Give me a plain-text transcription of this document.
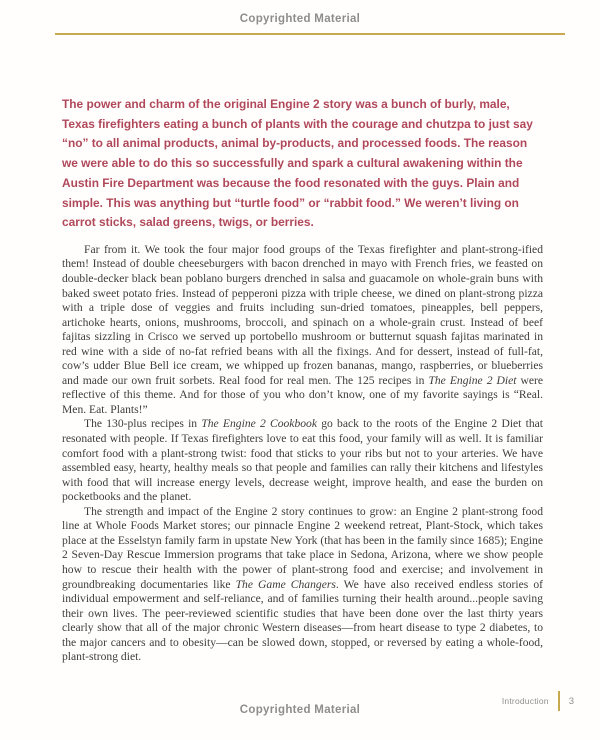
Copyrighted Material

The power and charm of the original Engine 2 story was a bunch of burly, male, Texas firefighters eating a bunch of plants with the courage and chutzpa to just say “no” to all animal products, animal by-products, and processed foods. The reason we were able to do this so successfully and spark a cultural awakening within the Austin Fire Department was because the food resonated with the guys. Plain and simple. This was anything but “turtle food” or “rabbit food.” We weren’t living on carrot sticks, salad greens, twigs, or berries.

Far from it. We took the four major food groups of the Texas firefighter and plant-strong-ified them! Instead of double cheeseburgers with bacon drenched in mayo with French fries, we feasted on double-decker black bean poblano burgers drenched in salsa and guacamole on whole-grain buns with baked sweet potato fries. Instead of pepperoni pizza with triple cheese, we dined on plant-strong pizza with a triple dose of veggies and fruits including sun-dried tomatoes, pineapples, bell peppers, artichoke hearts, onions, mushrooms, broccoli, and spinach on a whole-grain crust. Instead of beef fajitas sizzling in Crisco we served up portobello mushroom or butternut squash fajitas marinated in red wine with a side of no-fat refried beans with all the fixings. And for dessert, instead of full-fat, cow’s udder Blue Bell ice cream, we whipped up frozen bananas, mango, raspberries, or blueberries and made our own fruit sorbets. Real food for real men. The 125 recipes in The Engine 2 Diet were reflective of this theme. And for those of you who don’t know, one of my favorite sayings is “Real. Men. Eat. Plants!”

The 130-plus recipes in The Engine 2 Cookbook go back to the roots of the Engine 2 Diet that resonated with people. If Texas firefighters love to eat this food, your family will as well. It is familiar comfort food with a plant-strong twist: food that sticks to your ribs but not to your arteries. We have assembled easy, hearty, healthy meals so that people and families can rally their kitchens and lifestyles with food that will increase energy levels, decrease weight, improve health, and ease the burden on pocketbooks and the planet.

The strength and impact of the Engine 2 story continues to grow: an Engine 2 plant-strong food line at Whole Foods Market stores; our pinnacle Engine 2 weekend retreat, Plant-Stock, which takes place at the Esselstyn family farm in upstate New York (that has been in the family since 1685); Engine 2 Seven-Day Rescue Immersion programs that take place in Sedona, Arizona, where we show people how to rescue their health with the power of plant-strong food and exercise; and involvement in groundbreaking documentaries like The Game Changers. We have also received endless stories of individual empowerment and self-reliance, and of families turning their health around...people saving their own lives. The peer-reviewed scientific studies that have been done over the last thirty years clearly show that all of the major chronic Western diseases—from heart disease to type 2 diabetes, to the major cancers and to obesity—can be slowed down, stopped, or reversed by eating a whole-food, plant-strong diet.

Introduction 3
Copyrighted Material
